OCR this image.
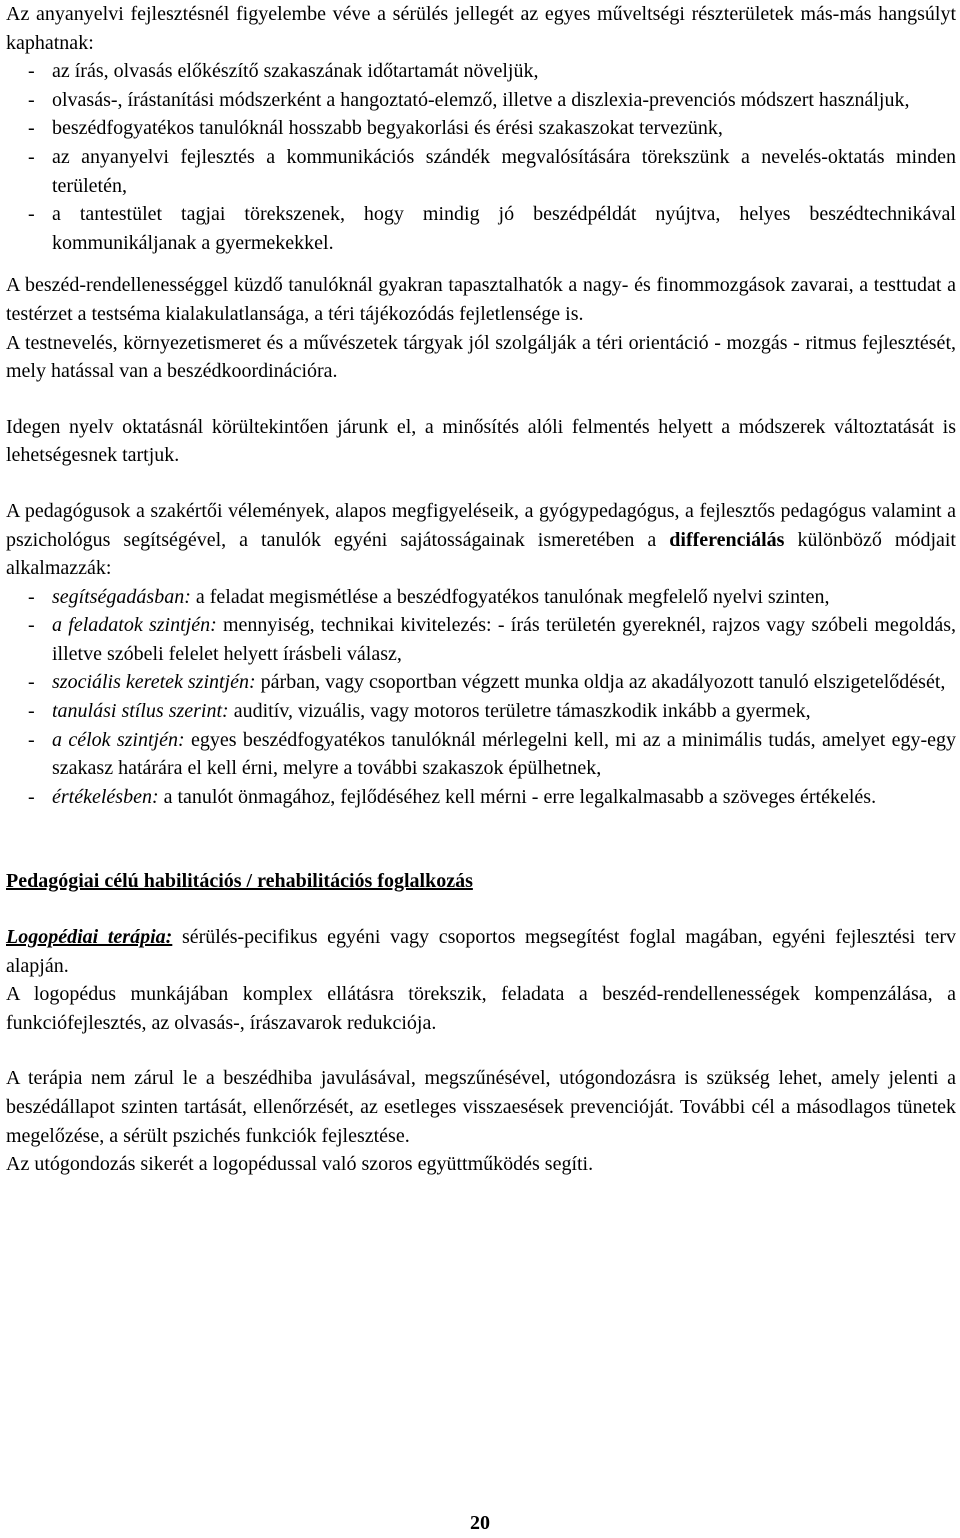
Az anyanyelvi fejlesztésnél figyelembe véve a sérülés jellegét az egyes műveltségi részterületek más-más hangsúlyt kaphatnak:

- az írás, olvasás előkészítő szakaszának időtartamát növeljük,
- olvasás-, írástanítási módszerként a hangoztató-elemző, illetve a diszlexia-prevenciós módszert használjuk,
- beszédfogyatékos tanulóknál hosszabb begyakorlási és érési szakaszokat tervezünk,
- az anyanyelvi fejlesztés a kommunikációs szándék megvalósítására törekszünk a nevelés-oktatás minden területén,
- a tantestület tagjai törekszenek, hogy mindig jó beszédpéldát nyújtva, helyes beszédtechnikával kommunikáljanak a gyermekekkel.

A beszéd-rendellenességgel küzdő tanulóknál gyakran tapasztalhatók a nagy- és finommozgások zavarai, a testtudat a testérzet a testséma kialakulatlansága, a téri tájékozódás fejletlensége is.

A testnevelés, környezetismeret és a művészetek tárgyak jól szolgálják a téri orientáció - mozgás - ritmus fejlesztését, mely hatással van a beszédkoordinációra.

Idegen nyelv oktatásnál körültekintően járunk el, a minősítés alóli felmentés helyett a módszerek változtatását is lehetségesnek tartjuk.

A pedagógusok a szakértői vélemények, alapos megfigyeléseik, a gyógypedagógus, a fejlesztős pedagógus valamint a pszichológus segítségével, a tanulók egyéni sajátosságainak ismeretében a differenciálás különböző módjait alkalmazzák:

- segítségadásban: a feladat megismétlése a beszédfogyatékos tanulónak megfelelő nyelvi szinten,
- a feladatok szintjén: mennyiség, technikai kivitelezés: - írás területén gyereknél, rajzos vagy szóbeli megoldás, illetve szóbeli felelet helyett írásbeli válasz,
- szociális keretek szintjén: párban, vagy csoportban végzett munka oldja az akadályozott tanuló elszigetelődését,
- tanulási stílus szerint: auditív, vizuális, vagy motoros területre támaszkodik inkább a gyermek,
- a célok szintjén: egyes beszédfogyatékos tanulóknál mérlegelni kell, mi az a minimális tudás, amelyet egy-egy szakasz határára el kell érni, melyre a további szakaszok épülhetnek,
- értékelésben: a tanulót önmagához, fejlődéséhez kell mérni - erre legalkalmasabb a szöveges értékelés.

Pedagógiai célú habilitációs / rehabilitációs foglalkozás

Logopédiai terápia: sérülés-pecifikus egyéni vagy csoportos megsegítést foglal magában, egyéni fejlesztési terv alapján.

A logopédus munkájában komplex ellátásra törekszik, feladata a beszéd-rendellenességek kompenzálása, a funkciófejlesztés, az olvasás-, írászavarok redukciója.

A terápia nem zárul le a beszédhiba javulásával, megszűnésével, utógondozásra is szükség lehet, amely jelenti a beszédállapot szinten tartását, ellenőrzését, az esetleges visszaesések prevencióját. További cél a másodlagos tünetek megelőzése, a sérült pszichés funkciók fejlesztése.

Az utógondozás sikerét a logopédussal való szoros együttműködés segíti.

20
